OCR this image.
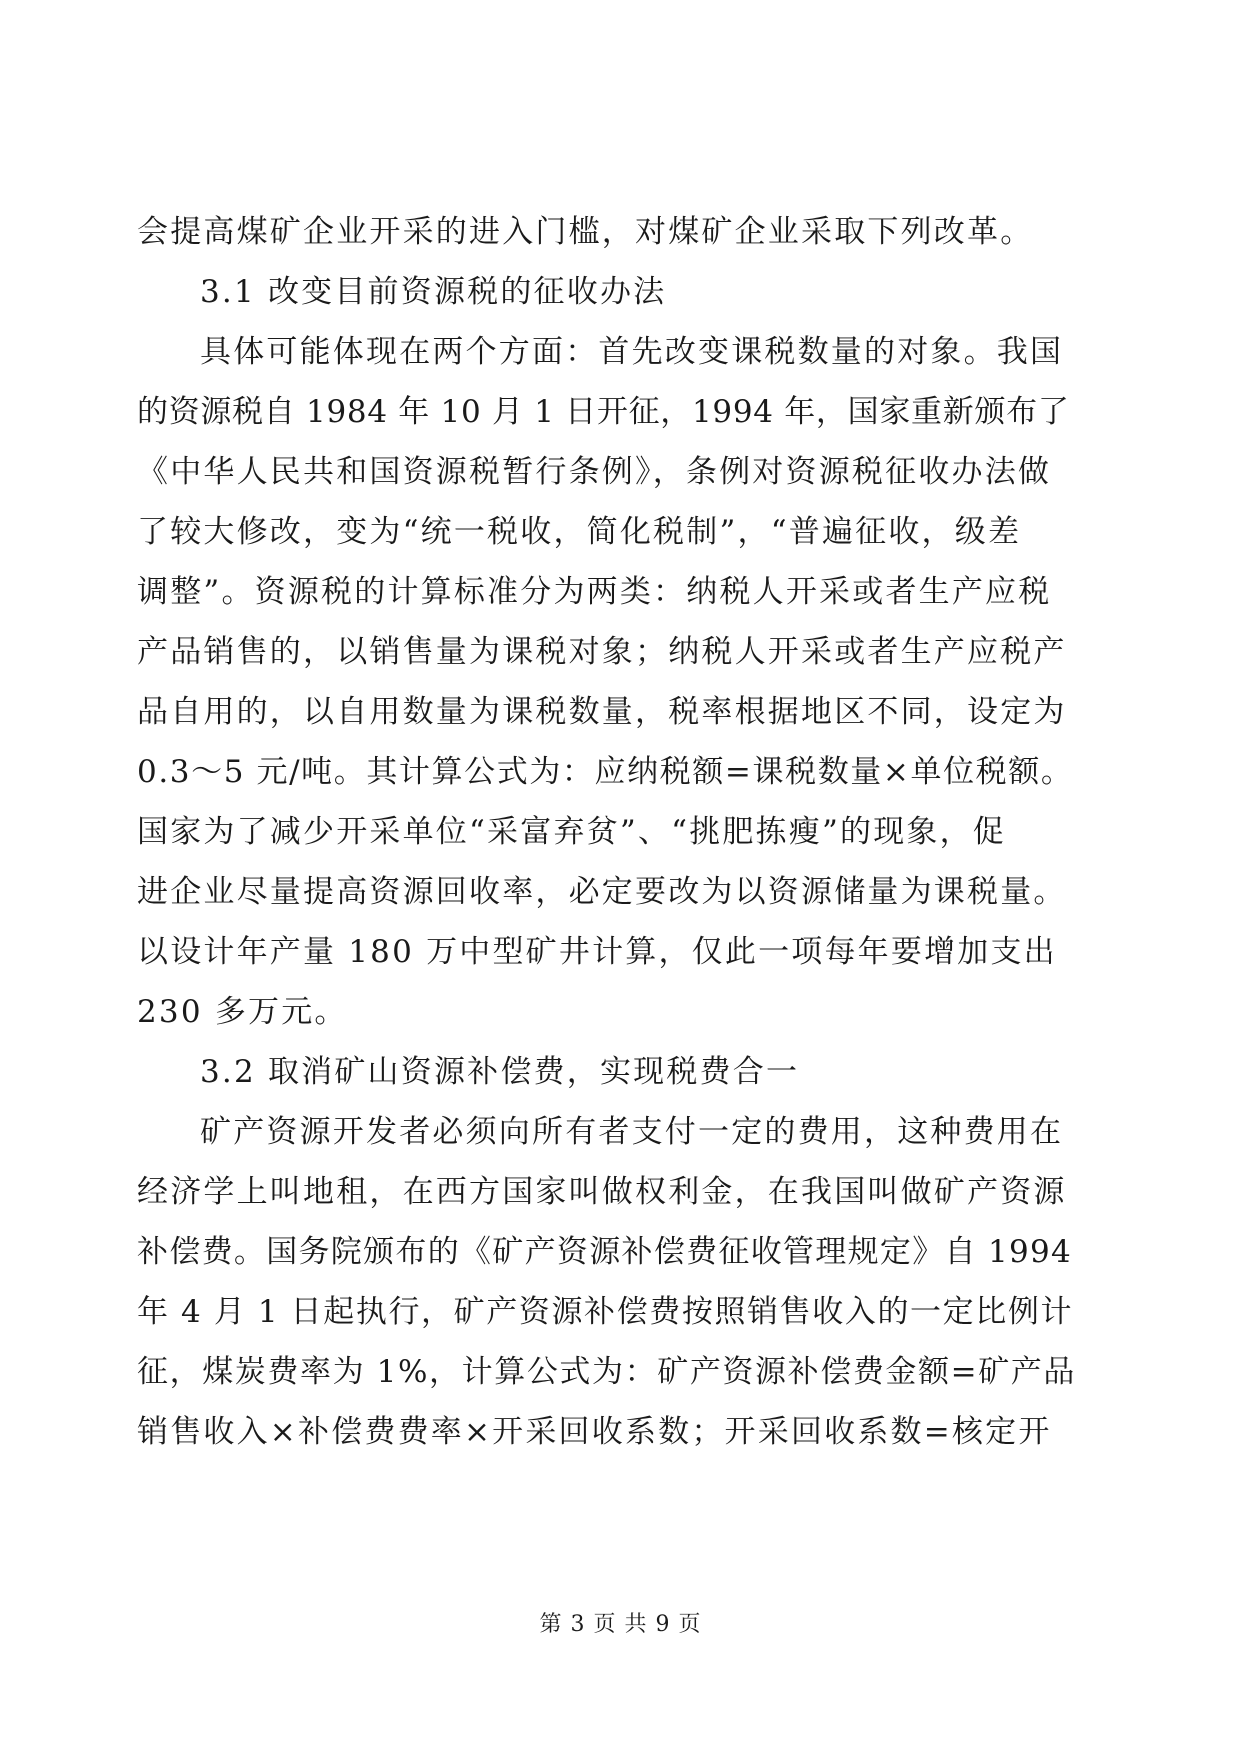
会提高煤矿企业开采的进入门槛，对煤矿企业采取下列改革。
3.1 改变目前资源税的征收办法
具体可能体现在两个方面：首先改变课税数量的对象。我国
的资源税自 1984 年 10 月 1 日开征，1994 年，国家重新颁布了
《中华人民共和国资源税暂行条例》，条例对资源税征收办法做
了较大修改，变为“统一税收，简化税制”，“普遍征收，级差
调整”。资源税的计算标准分为两类：纳税人开采或者生产应税
产品销售的，以销售量为课税对象；纳税人开采或者生产应税产
品自用的，以自用数量为课税数量，税率根据地区不同，设定为
0.3～5 元/吨。其计算公式为：应纳税额=课税数量×单位税额。
国家为了减少开采单位“采富弃贫”、“挑肥拣瘦”的现象，促
进企业尽量提高资源回收率，必定要改为以资源储量为课税量。
以设计年产量 180 万中型矿井计算，仅此一项每年要增加支出
230 多万元。
3.2 取消矿山资源补偿费，实现税费合一
矿产资源开发者必须向所有者支付一定的费用，这种费用在
经济学上叫地租，在西方国家叫做权利金，在我国叫做矿产资源
补偿费。国务院颁布的《矿产资源补偿费征收管理规定》自 1994
年 4 月 1 日起执行，矿产资源补偿费按照销售收入的一定比例计
征，煤炭费率为 1%，计算公式为：矿产资源补偿费金额=矿产品
销售收入×补偿费费率×开采回收系数；开采回收系数=核定开
第 3 页 共 9 页
